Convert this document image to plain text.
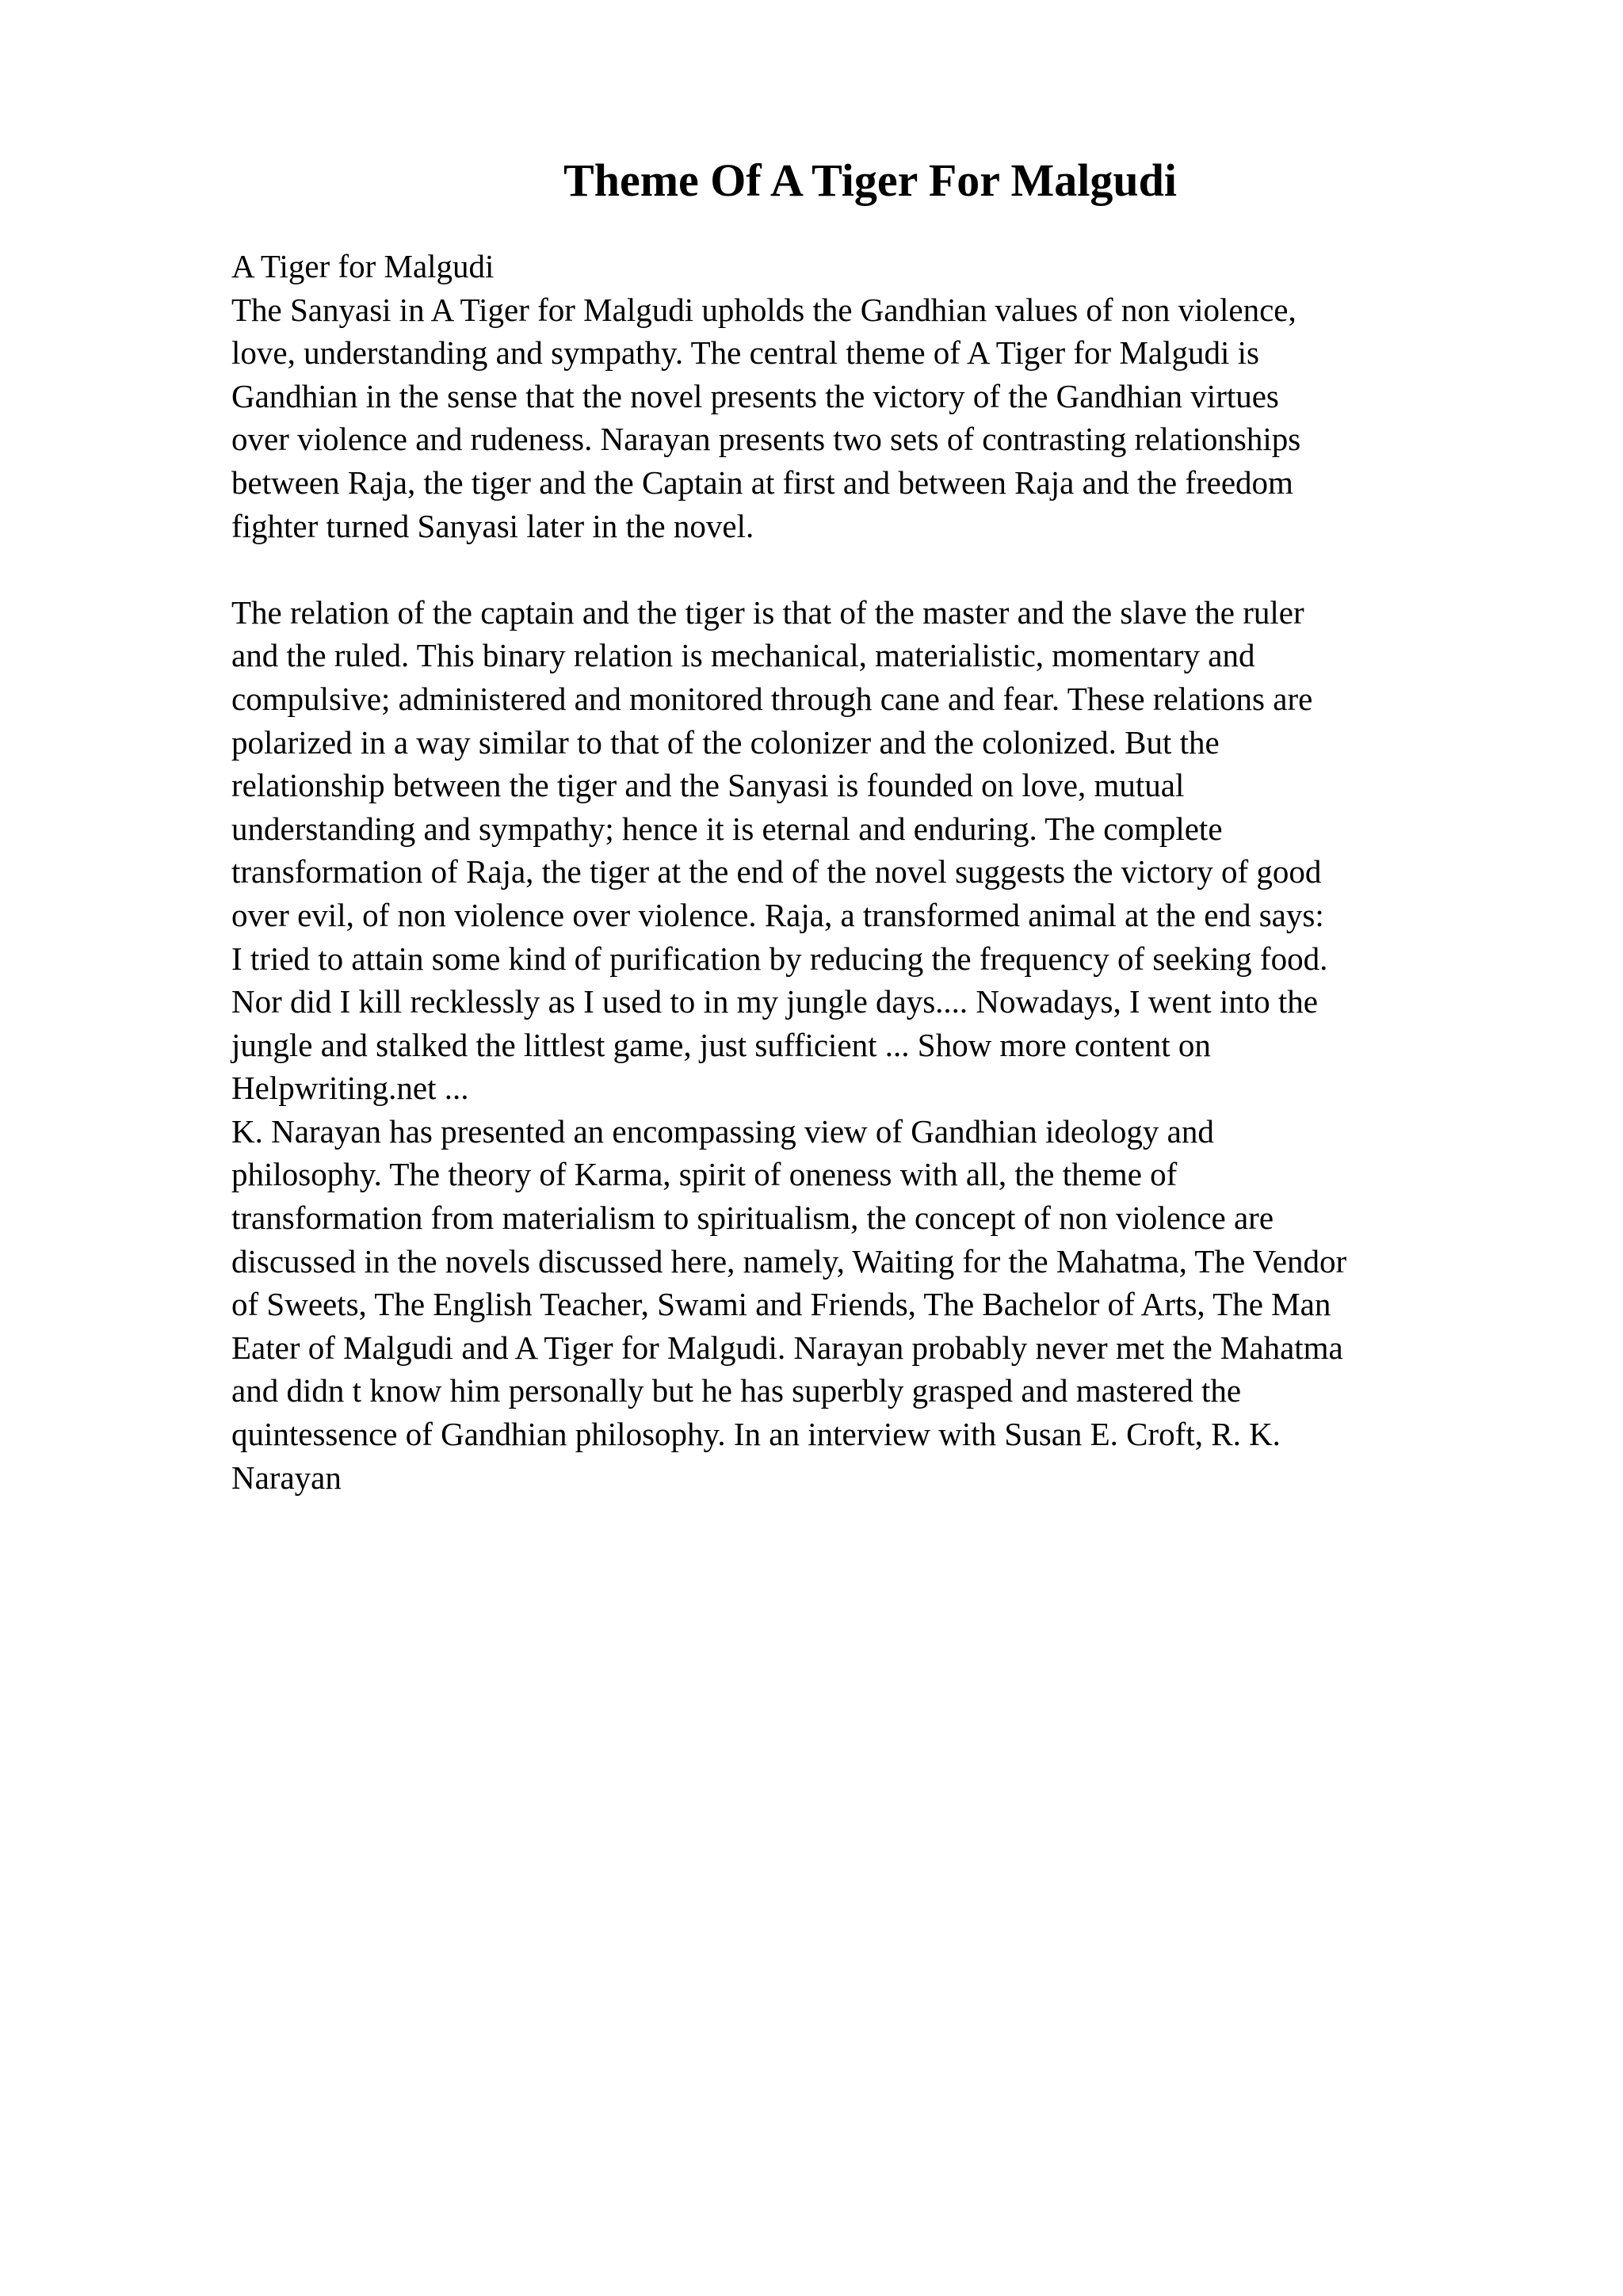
Theme Of A Tiger For Malgudi
A Tiger for Malgudi
The Sanyasi in A Tiger for Malgudi upholds the Gandhian values of non violence,
love, understanding and sympathy. The central theme of A Tiger for Malgudi is
Gandhian in the sense that the novel presents the victory of the Gandhian virtues
over violence and rudeness. Narayan presents two sets of contrasting relationships
between Raja, the tiger and the Captain at first and between Raja and the freedom
fighter turned Sanyasi later in the novel.
The relation of the captain and the tiger is that of the master and the slave the ruler
and the ruled. This binary relation is mechanical, materialistic, momentary and
compulsive; administered and monitored through cane and fear. These relations are
polarized in a way similar to that of the colonizer and the colonized. But the
relationship between the tiger and the Sanyasi is founded on love, mutual
understanding and sympathy; hence it is eternal and enduring. The complete
transformation of Raja, the tiger at the end of the novel suggests the victory of good
over evil, of non violence over violence. Raja, a transformed animal at the end says:
I tried to attain some kind of purification by reducing the frequency of seeking food.
Nor did I kill recklessly as I used to in my jungle days.... Nowadays, I went into the
jungle and stalked the littlest game, just sufficient ... Show more content on
Helpwriting.net ...
K. Narayan has presented an encompassing view of Gandhian ideology and
philosophy. The theory of Karma, spirit of oneness with all, the theme of
transformation from materialism to spiritualism, the concept of non violence are
discussed in the novels discussed here, namely, Waiting for the Mahatma, The Vendor
of Sweets, The English Teacher, Swami and Friends, The Bachelor of Arts, The Man
Eater of Malgudi and A Tiger for Malgudi. Narayan probably never met the Mahatma
and didn t know him personally but he has superbly grasped and mastered the
quintessence of Gandhian philosophy. In an interview with Susan E. Croft, R. K.
Narayan
